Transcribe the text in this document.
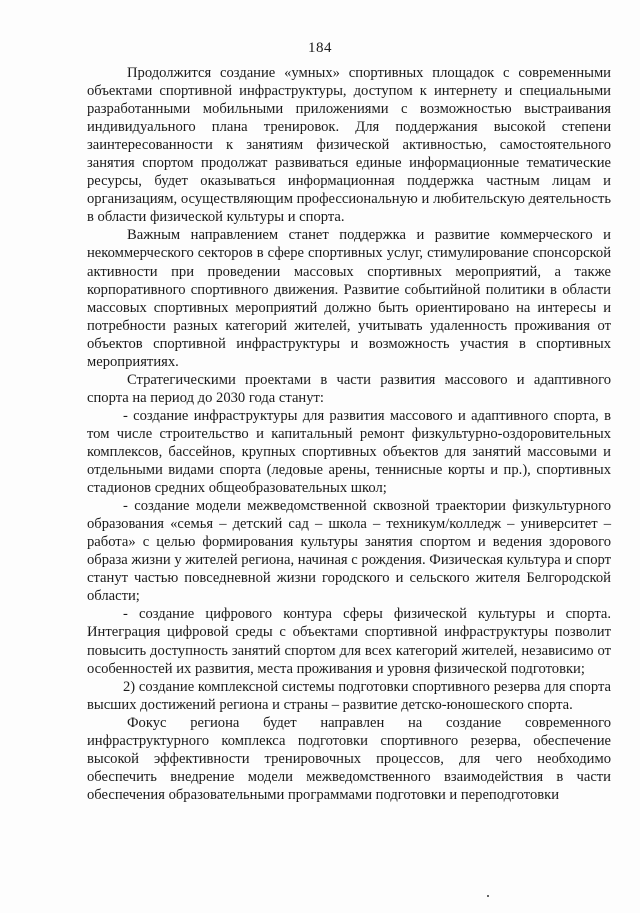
184

Продолжится создание «умных» спортивных площадок с современными объектами спортивной инфраструктуры, доступом к интернету и специальными разработанными мобильными приложениями с возможностью выстраивания индивидуального плана тренировок. Для поддержания высокой степени заинтересованности к занятиям физической активностью, самостоятельного занятия спортом продолжат развиваться единые информационные тематические ресурсы, будет оказываться информационная поддержка частным лицам и организациям, осуществляющим профессиональную и любительскую деятельность в области физической культуры и спорта.

Важным направлением станет поддержка и развитие коммерческого и некоммерческого секторов в сфере спортивных услуг, стимулирование спонсорской активности при проведении массовых спортивных мероприятий, а также корпоративного спортивного движения. Развитие событийной политики в области массовых спортивных мероприятий должно быть ориентировано на интересы и потребности разных категорий жителей, учитывать удаленность проживания от объектов спортивной инфраструктуры и возможность участия в спортивных мероприятиях.

Стратегическими проектами в части развития массового и адаптивного спорта на период до 2030 года станут:

- создание инфраструктуры для развития массового и адаптивного спорта, в том числе строительство и капитальный ремонт физкультурно-оздоровительных комплексов, бассейнов, крупных спортивных объектов для занятий массовыми и отдельными видами спорта (ледовые арены, теннисные корты и пр.), спортивных стадионов средних общеобразовательных школ;

- создание модели межведомственной сквозной траектории физкультурного образования «семья – детский сад – школа – техникум/колледж – университет – работа» с целью формирования культуры занятия спортом и ведения здорового образа жизни у жителей региона, начиная с рождения. Физическая культура и спорт станут частью повседневной жизни городского и сельского жителя Белгородской области;

- создание цифрового контура сферы физической культуры и спорта. Интеграция цифровой среды с объектами спортивной инфраструктуры позволит повысить доступность занятий спортом для всех категорий жителей, независимо от особенностей их развития, места проживания и уровня физической подготовки;

2) создание комплексной системы подготовки спортивного резерва для спорта высших достижений региона и страны – развитие детско-юношеского спорта.

Фокус региона будет направлен на создание современного инфраструктурного комплекса подготовки спортивного резерва, обеспечение высокой эффективности тренировочных процессов, для чего необходимо обеспечить внедрение модели межведомственного взаимодействия в части обеспечения образовательными программами подготовки и переподготовки
